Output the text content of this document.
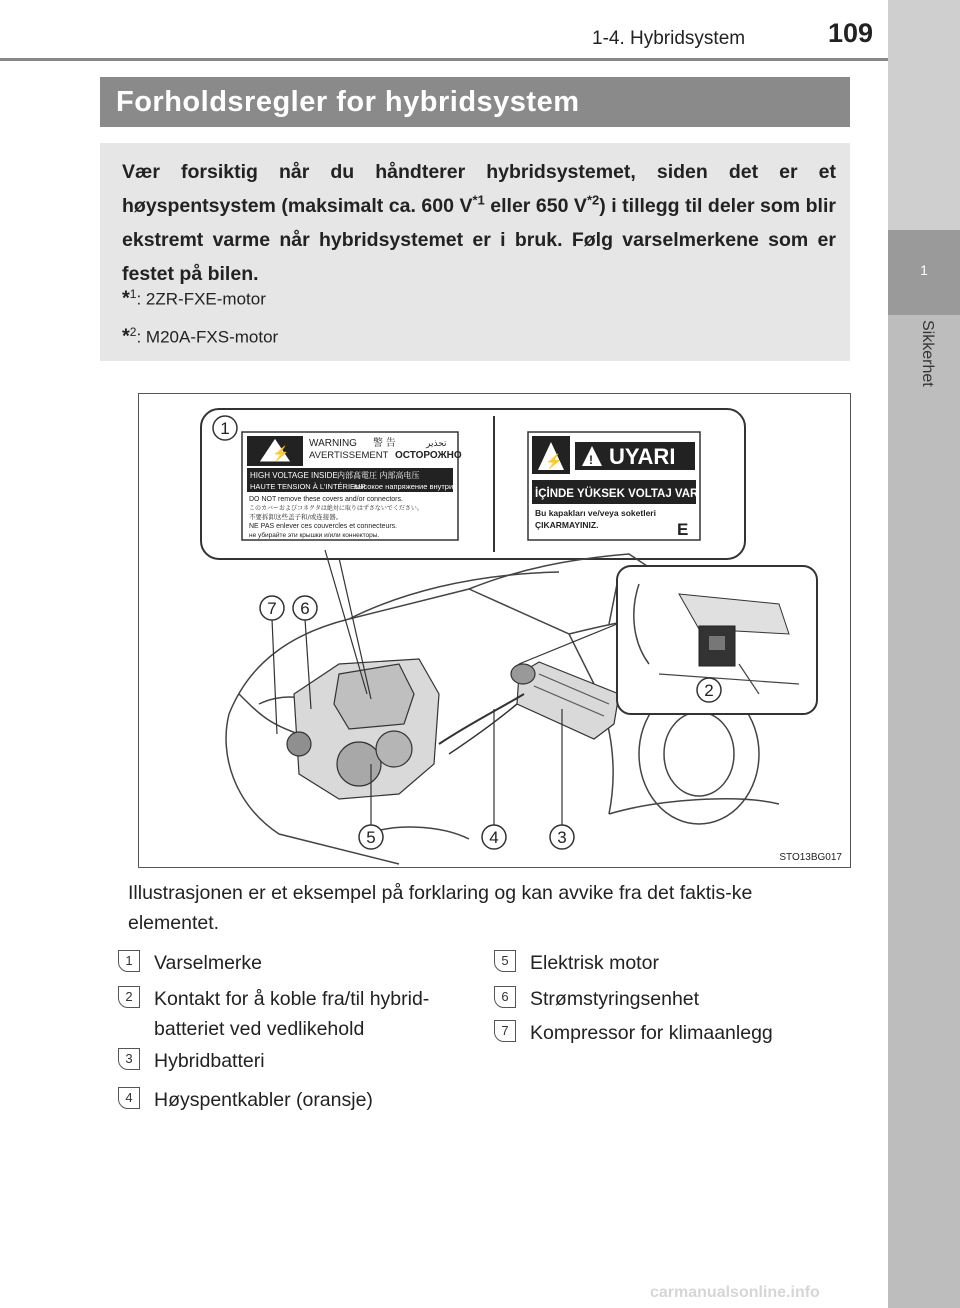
1
Sikkerhet
1-4. Hybridsystem	109
Forholdsregler for hybridsystem
Vær forsiktig når du håndterer hybridsystemet, siden det er et høyspentsystem (maksimalt ca. 600 $V^{*1}$ eller 650 $V^{*2}$) i tillegg til deler som blir ekstremt varme når hybridsystemet er i bruk. Følg varselmerkene som er festet på bilen.
*$^1$: 2ZR-FXE-motor
*$^2$: M20A-FXS-motor
⚡
WARNING 警 告	تحذير
AVERTISSEMENT ОСТОРОЖНО
HIGH VOLTAGE INSIDE 内部高電圧 内部高电压
HAUTE TENSION À L'INTÉRIEUR
высокое напряжение внутри
DO NOT remove these covers and/or connectors.
このカバーおよびコネクタは絶対に取りはずさないでください。
不要拆卸这些盖子和/或连接器。
NE PAS enlever ces couvercles et connecteurs.
не убирайте эти крышки и/или коннекторы.
⚡ ! UYARI
İÇİNDE YÜKSEK VOLTAJ VAR
Bu kapakları ve/veya soketleri
ÇIKARMAYINIZ.	E
1
2
3
4
5
6
7
STO13BG017
Illustrasjonen er et eksempel på forklaring og kan avvike fra det faktis-ke elementet.
1	Varselmerke
2	Kontakt for å koble fra/til hybrid-
batteriet ved vedlikehold
3	Hybridbatteri
4	Høyspentkabler (oransje)
5	Elektrisk motor
6	Strømstyringsenhet
7	Kompressor for klimaanlegg
carmanualsonline.info
